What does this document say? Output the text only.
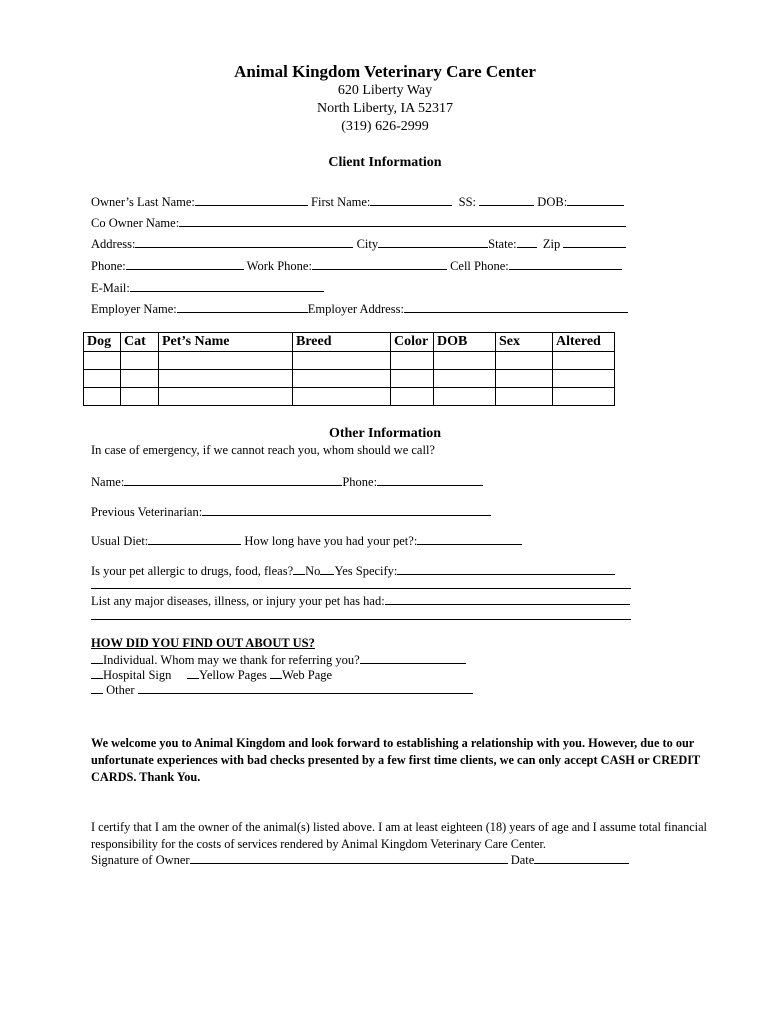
Animal Kingdom Veterinary Care Center
620 Liberty Way
North Liberty, IA 52317
(319) 626-2999
Client Information
Owner’s Last Name:	First Name:	SS:	DOB:
Co Owner Name:
Address:	City	State: Zip
Phone:	Work Phone:	Cell Phone:
E-Mail:
Employer Name:	Employer Address:
Dog	Cat	Pet’s Name	Breed	Color	DOB	Sex	Altered

Other Information
In case of emergency, if we cannot reach you, whom should we call?
Name:	Phone:
Previous Veterinarian:
Usual Diet:	How long have you had your pet?:
Is your pet allergic to drugs, food, fleas? No Yes Specify:
List any major diseases, illness, or injury your pet has had:
HOW DID YOU FIND OUT ABOUT US?
Individual. Whom may we thank for referring you?
Hospital Sign Yellow Pages Web Page
Other
We welcome you to Animal Kingdom and look forward to establishing a relationship with you. However, due to our unfortunate experiences with bad checks presented by a few first time clients, we can only accept CASH or CREDIT CARDS. Thank You.
I certify that I am the owner of the animal(s) listed above. I am at least eighteen (18) years of age and I assume total financial responsibility for the costs of services rendered by Animal Kingdom Veterinary Care Center.
Signature of Owner	Date
